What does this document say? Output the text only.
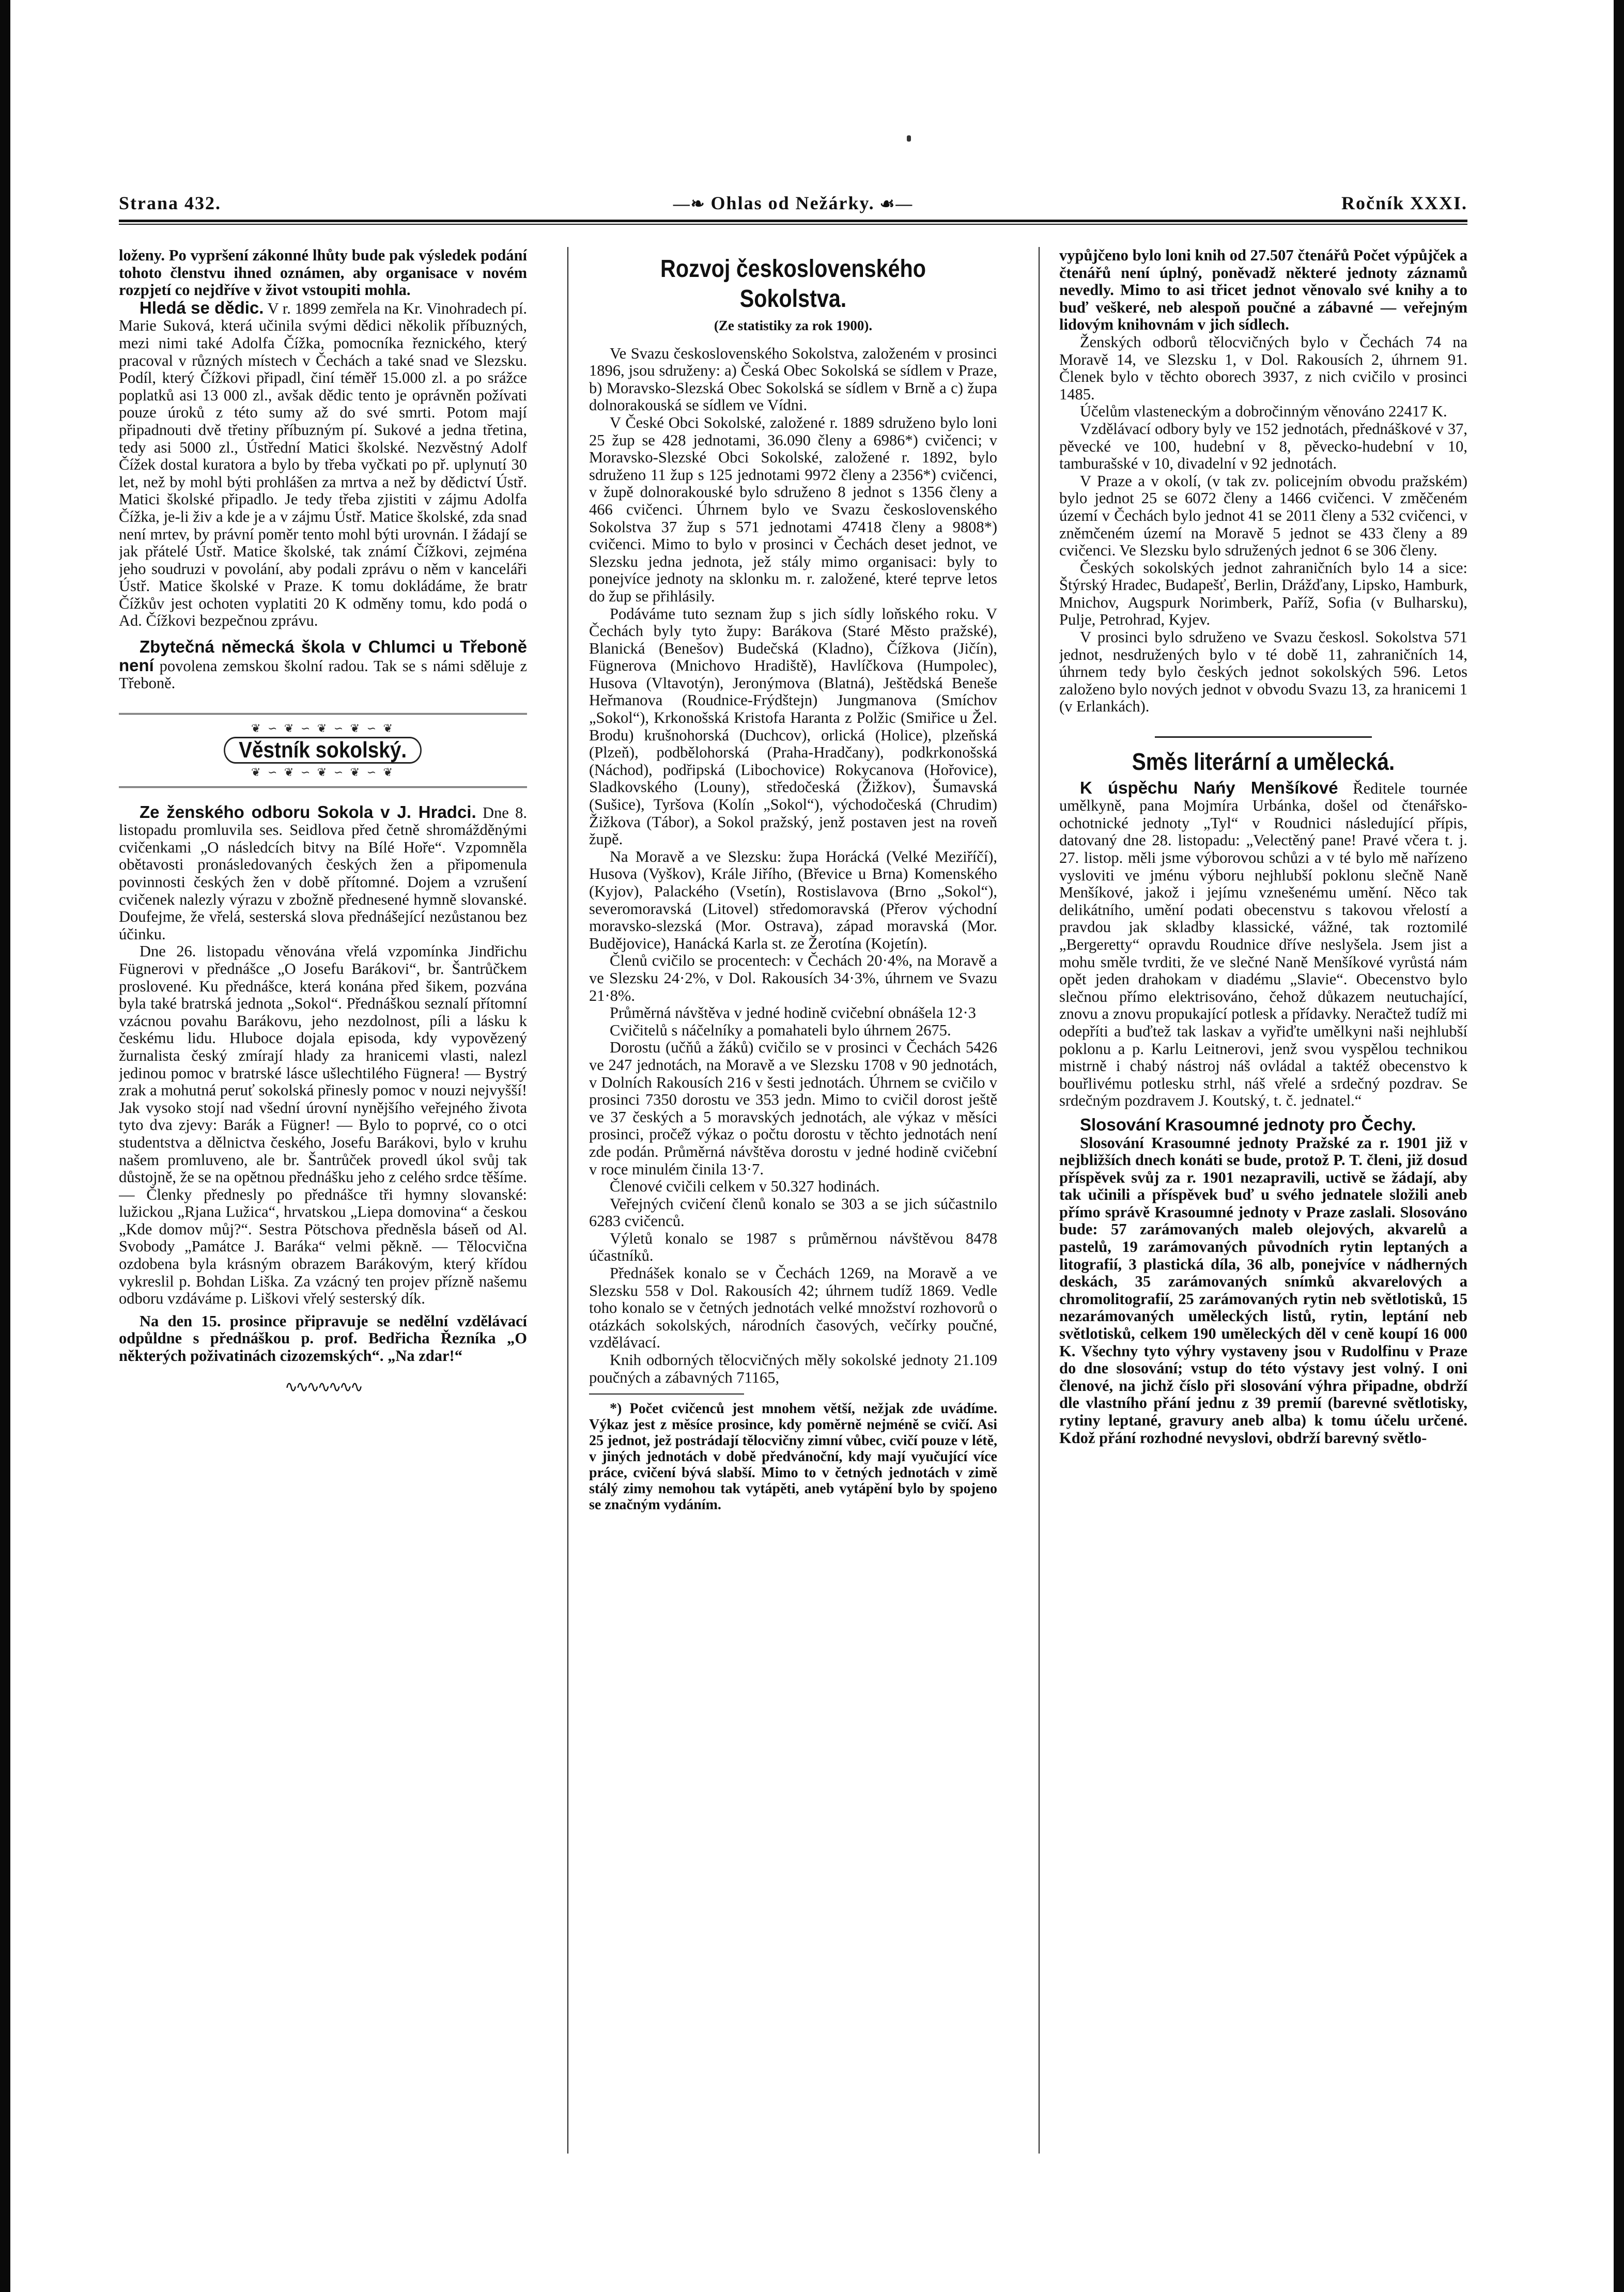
Strana 432.	—❧ Ohlas od Nežárky. ☙—	Ročník XXXI.

loženy. Po vypršení zákonné lhůty bude pak výsledek podání tohoto členstvu ihned oznámen, aby organisace v novém rozpjetí co nejdříve v život vstoupiti mohla.

Hledá se dědic. V r. 1899 zemřela na Kr. Vinohradech pí. Marie Suková, která učinila svými dědici několik příbuzných, mezi nimi také Adolfa Čížka, pomocníka řeznického, který pracoval v různých místech v Čechách a také snad ve Slezsku. Podíl, který Čížkovi připadl, činí téměř 15.000 zl. a po srážce poplatků asi 13 000 zl., avšak dědic tento je oprávněn požívati pouze úroků z této sumy až do své smrti. Potom mají připadnouti dvě třetiny příbuzným pí. Sukové a jedna třetina, tedy asi 5000 zl., Ústřední Matici školské. Nezvěstný Adolf Čížek dostal kuratora a bylo by třeba vyčkati po př. uplynutí 30 let, než by mohl býti prohlášen za mrtva a než by dědictví Ústř. Matici školské připadlo. Je tedy třeba zjistiti v zájmu Adolfa Čížka, je-li živ a kde je a v zájmu Ústř. Matice školské, zda snad není mrtev, by právní poměr tento mohl býti urovnán. I žádají se jak přátelé Ústř. Matice školské, tak známí Čížkovi, zejména jeho soudruzi v povolání, aby podali zprávu o něm v kanceláři Ústř. Matice školské v Praze. K tomu dokládáme, že bratr Čížkův jest ochoten vyplatiti 20 K odměny tomu, kdo podá o Ad. Čížkovi bezpečnou zprávu.

Zbytečná německá škola v Chlumci u Třeboně není povolena zemskou školní radou. Tak se s námi sděluje z Třeboně.

❦ ∽ ❦ ∽ ❦ ∽ ❦ ∽ ❦
Věstník sokolský.
❦ ∽ ❦ ∽ ❦ ∽ ❦ ∽ ❦

Ze ženského odboru Sokola v J. Hradci. Dne 8. listopadu promluvila ses. Seidlova před četně shromážděnými cvičenkami „O následcích bitvy na Bílé Hoře“. Vzpomněla obětavosti pronásledovaných českých žen a připomenula povinnosti českých žen v době přítomné. Dojem a vzrušení cvičenek nalezly výrazu v zbožně přednesené hymně slovanské. Doufejme, že vřelá, sesterská slova přednášející nezůstanou bez účinku.

Dne 26. listopadu věnována vřelá vzpomínka Jindřichu Fügnerovi v přednášce „O Josefu Barákovi“, br. Šantrůčkem proslovené. Ku přednášce, která konána před šikem, pozvána byla také bratrská jednota „Sokol“. Přednáškou seznalí přítomní vzácnou povahu Barákovu, jeho nezdolnost, píli a lásku k českému lidu. Hluboce dojala episoda, kdy vypovězený žurnalista český zmírají hlady za hranicemi vlasti, nalezl jedinou pomoc v bratrské lásce ušlechtilého Fügnera! — Bystrý zrak a mohutná peruť sokolská přinesly pomoc v nouzi nejvyšší! Jak vysoko stojí nad všední úrovní nynějšího veřejného života tyto dva zjevy: Barák a Fügner! — Bylo to poprvé, co o otci studentstva a dělnictva českého, Josefu Barákovi, bylo v kruhu našem promluveno, ale br. Šantrůček provedl úkol svůj tak důstojně, že se na opětnou přednášku jeho z celého srdce těšíme. — Členky přednesly po přednášce tři hymny slovanské: lužickou „Rjana Lužica“, hrvatskou „Liepa domovina“ a českou „Kde domov můj?“. Sestra Pötschova předněsla báseň od Al. Svobody „Památce J. Baráka“ velmi pěkně. — Tělocvična ozdobena byla krásným obrazem Barákovým, který křídou vykreslil p. Bohdan Liška. Za vzácný ten projev přízně našemu odboru vzdáváme p. Liškovi vřelý sesterský dík.

Na den 15. prosince připravuje se nedělní vzdělávací odpůldne s přednáškou p. prof. Bedřicha Řezníka „O některých poživatinách cizozemských“. „Na zdar!“

∿∿∿∿∿∿∿
Rozvoj československého Sokolstva.
(Ze statistiky za rok 1900).

Ve Svazu československého Sokolstva, založeném v prosinci 1896, jsou sdruženy: a) Česká Obec Sokolská se sídlem v Praze, b) Moravsko-Slezská Obec Sokolská se sídlem v Brně a c) župa dolnorakouská se sídlem ve Vídni.

V České Obci Sokolské, založené r. 1889 sdruženo bylo loni 25 žup se 428 jednotami, 36.090 členy a 6986*) cvičenci; v Moravsko-Slezské Obci Sokolské, založené r. 1892, bylo sdruženo 11 žup s 125 jednotami 9972 členy a 2356*) cvičenci, v župě dolnorakouské bylo sdruženo 8 jednot s 1356 členy a 466 cvičenci. Úhrnem bylo ve Svazu československého Sokolstva 37 žup s 571 jednotami 47418 členy a 9808*) cvičenci. Mimo to bylo v prosinci v Čechách deset jednot, ve Slezsku jedna jednota, jež stály mimo organisaci: byly to ponejvíce jednoty na sklonku m. r. založené, které teprve letos do žup se přihlásily.

Podáváme tuto seznam žup s jich sídly loňského roku. V Čechách byly tyto župy: Barákova (Staré Město pražské), Blanická (Benešov) Budečská (Kladno), Čížkova (Jičín), Fügnerova (Mnichovo Hradiště), Havlíčkova (Humpolec), Husova (Vltavotýn), Jeronýmova (Blatná), Ještědská Beneše Heřmanova (Roudnice-Frýdštejn) Jungmanova (Smíchov „Sokol“), Krkonošská Kristofa Haranta z Polžic (Smiřice u Žel. Brodu) krušnohorská (Duchcov), orlická (Holice), plzeňská (Plzeň), podbělohorská (Praha-Hradčany), podkrkonošská (Náchod), podřipská (Libochovice) Rokycanova (Hořovice), Sladkovského (Louny), středočeská (Žižkov), Šumavská (Sušice), Tyršova (Kolín „Sokol“), východočeská (Chrudim) Žižkova (Tábor), a Sokol pražský, jenž postaven jest na roveň župě.

Na Moravě a ve Slezsku: župa Horácká (Velké Meziříčí), Husova (Vyškov), Krále Jiřího, (Břevice u Brna) Komenského (Kyjov), Palackého (Vsetín), Rostislavova (Brno „Sokol“), severomoravská (Litovel) středomoravská (Přerov východní moravsko-slezská (Mor. Ostrava), západ moravská (Mor. Budějovice), Hanácká Karla st. ze Žerotína (Kojetín).

Členů cvičilo se procentech: v Čechách 20·4%, na Moravě a ve Slezsku 24·2%, v Dol. Rakousích 34·3%, úhrnem ve Svazu 21·8%.

Průměrná návštěva v jedné hodině cvičební obnášela 12·3

Cvičitelů s náčelníky a pomahateli bylo úhrnem 2675.

Dorostu (učňů a žáků) cvičilo se v prosinci v Čechách 5426 ve 247 jednotách, na Moravě a ve Slezsku 1708 v 90 jednotách, v Dolních Rakousích 216 v šesti jednotách. Úhrnem se cvičilo v prosinci 7350 dorostu ve 353 jedn. Mimo to cvičil dorost ještě ve 37 českých a 5 moravských jednotách, ale výkaz v měsíci prosinci, proče̊ž výkaz o počtu dorostu v těchto jednotách není zde podán. Průměrná návštěva dorostu v jedné hodině cvičební v roce minulém činila 13·7.

Členové cvičili celkem v 50.327 hodinách.

Veřejných cvičení členů konalo se 303 a se jich súčastnilo 6283 cvičenců.

Výletů konalo se 1987 s průměrnou návštěvou 8478 účastníků.

Přednášek konalo se v Čechách 1269, na Moravě a ve Slezsku 558 v Dol. Rakousích 42; úhrnem tudíž 1869. Vedle toho konalo se v četných jednotách velké množství rozhovorů o otázkách sokolských, národních časových, večírky poučné, vzdělávací.

Knih odborných tělocvičných měly sokolské jednoty 21.109 poučných a zábavných 71165,

*) Počet cvičenců jest mnohem větší, nežjak zde uvádíme. Výkaz jest z měsíce prosince, kdy poměrně nejméně se cvičí. Asi 25 jednot, jež postrádají tělocvičny zimní vůbec, cvičí pouze v létě, v jiných jednotách v době předvánoční, kdy mají vyučující více práce, cvičení bývá slabší. Mimo to v četných jednotách v zimě stálý zimy nemohou tak vytápěti, aneb vytápění bylo by spojeno se značným vydáním.

vypůjčeno bylo loni knih od 27.507 čtenářů Počet výpůjček a čtenářů není úplný, poněvadž některé jednoty záznamů nevedly. Mimo to asi třicet jednot věnovalo své knihy a to buď veškeré, neb alespoň poučné a zábavné — veřejným lidovým knihovnám v jich sídlech.

Ženských odborů tělocvičných bylo v Čechách 74 na Moravě 14, ve Slezsku 1, v Dol. Rakousích 2, úhrnem 91. Členek bylo v těchto oborech 3937, z nich cvičilo v prosinci 1485.

Účelům vlasteneckým a dobročinným věnováno 22417 K.

Vzdělávací odbory byly ve 152 jednotách, přednáškové v 37, pěvecké ve 100, hudební v 8, pěvecko-hudební v 10, tamburašské v 10, divadelní v 92 jednotách.

V Praze a v okolí, (v tak zv. policejním obvodu pražském) bylo jednot 25 se 6072 členy a 1466 cvičenci. V změčeném území v Čechách bylo jednot 41 se 2011 členy a 532 cvičenci, v zněmčeném území na Moravě 5 jednot se 433 členy a 89 cvičenci. Ve Slezsku bylo sdružených jednot 6 se 306 členy.

Českých sokolských jednot zahraničních bylo 14 a sice: Štýrský Hradec, Budapešť, Berlin, Drážďany, Lipsko, Hamburk, Mnichov, Augspurk Norimberk, Paříž, Sofia (v Bulharsku), Pulje, Petrohrad, Kyjev.

V prosinci bylo sdruženo ve Svazu českosl. Sokolstva 571 jednot, nesdružených bylo v té době 11, zahraničních 14, úhrnem tedy bylo českých jednot sokolských 596. Letos založeno bylo nových jednot v obvodu Svazu 13, za hranicemi 1 (v Erlankách).

Směs literární a umělecká.

K úspěchu Nańy Menšíkové Ředitele tournée umělkyně, pana Mojmíra Urbánka, došel od čtenářsko-ochotnické jednoty „Tyl“ v Roudnici následující přípis, datovaný dne 28. listopadu: „Velectěný pane! Pravé včera t. j. 27. listop. měli jsme výborovou schůzi a v té bylo mě nařízeno vysloviti ve jménu výboru nejhlubší poklonu slečně Naně Menšíkové, jakož i jejímu vznešenému umění. Něco tak delikátního, umění podati obecenstvu s takovou vřelostí a pravdou jak skladby klassické, vážné, tak roztomilé „Bergeretty“ opravdu Roudnice dříve neslyšela. Jsem jist a mohu směle tvrditi, že ve slečné Naně Menšíkové vyrůstá nám opět jeden drahokam v diadému „Slavie“. Obecenstvo bylo slečnou přímo elektrisováno, čehož důkazem neutuchající, znovu a znovu propukající potlesk a přídavky. Neračtež tudíž mi odepříti a buďtež tak laskav a vyřiďte umělkyni naši nejhlubší poklonu a p. Karlu Leitnerovi, jenž svou vyspělou technikou mistrně i chabý nástroj náš ovládal a taktéž obecenstvo k bouřlivému potlesku strhl, náš vřelé a srdečný pozdrav. Se srdečným pozdravem J. Koutský, t. č. jednatel.“

Slosování Krasoumné jednoty pro Čechy.

Slosování Krasoumné jednoty Pražské za r. 1901 již v nejbližších dnech konáti se bude, protož P. T. členi, již dosud příspěvek svůj za r. 1901 nezapravili, uctivě se žádají, aby tak učinili a příspěvek buď u svého jednatele složili aneb přímo správě Krasoumné jednoty v Praze zaslali. Slosováno bude: 57 zarámovaných maleb olejových, akvarelů a pastelů, 19 zarámovaných původních rytin leptaných a litografií, 3 plastická díla, 36 alb, ponejvíce v nádherných deskách, 35 zarámovaných snímků akvarelových a chromolitografií, 25 zarámovaných rytin neb světlotisků, 15 nezarámovaných uměleckých listů, rytin, leptání neb světlotisků, celkem 190 uměleckých děl v ceně koupí 16 000 K. Všechny tyto výhry vystaveny jsou v Rudolfinu v Praze do dne slosování; vstup do této výstavy jest volný. I oni členové, na jichž číslo při slosování výhra připadne, obdrží dle vlastního přání jednu z 39 premií (barevné světlotisky, rytiny leptané, gravury aneb alba) k tomu účelu určené. Kdož přání rozhodné nevyslovi, obdrží barevný světlo-
